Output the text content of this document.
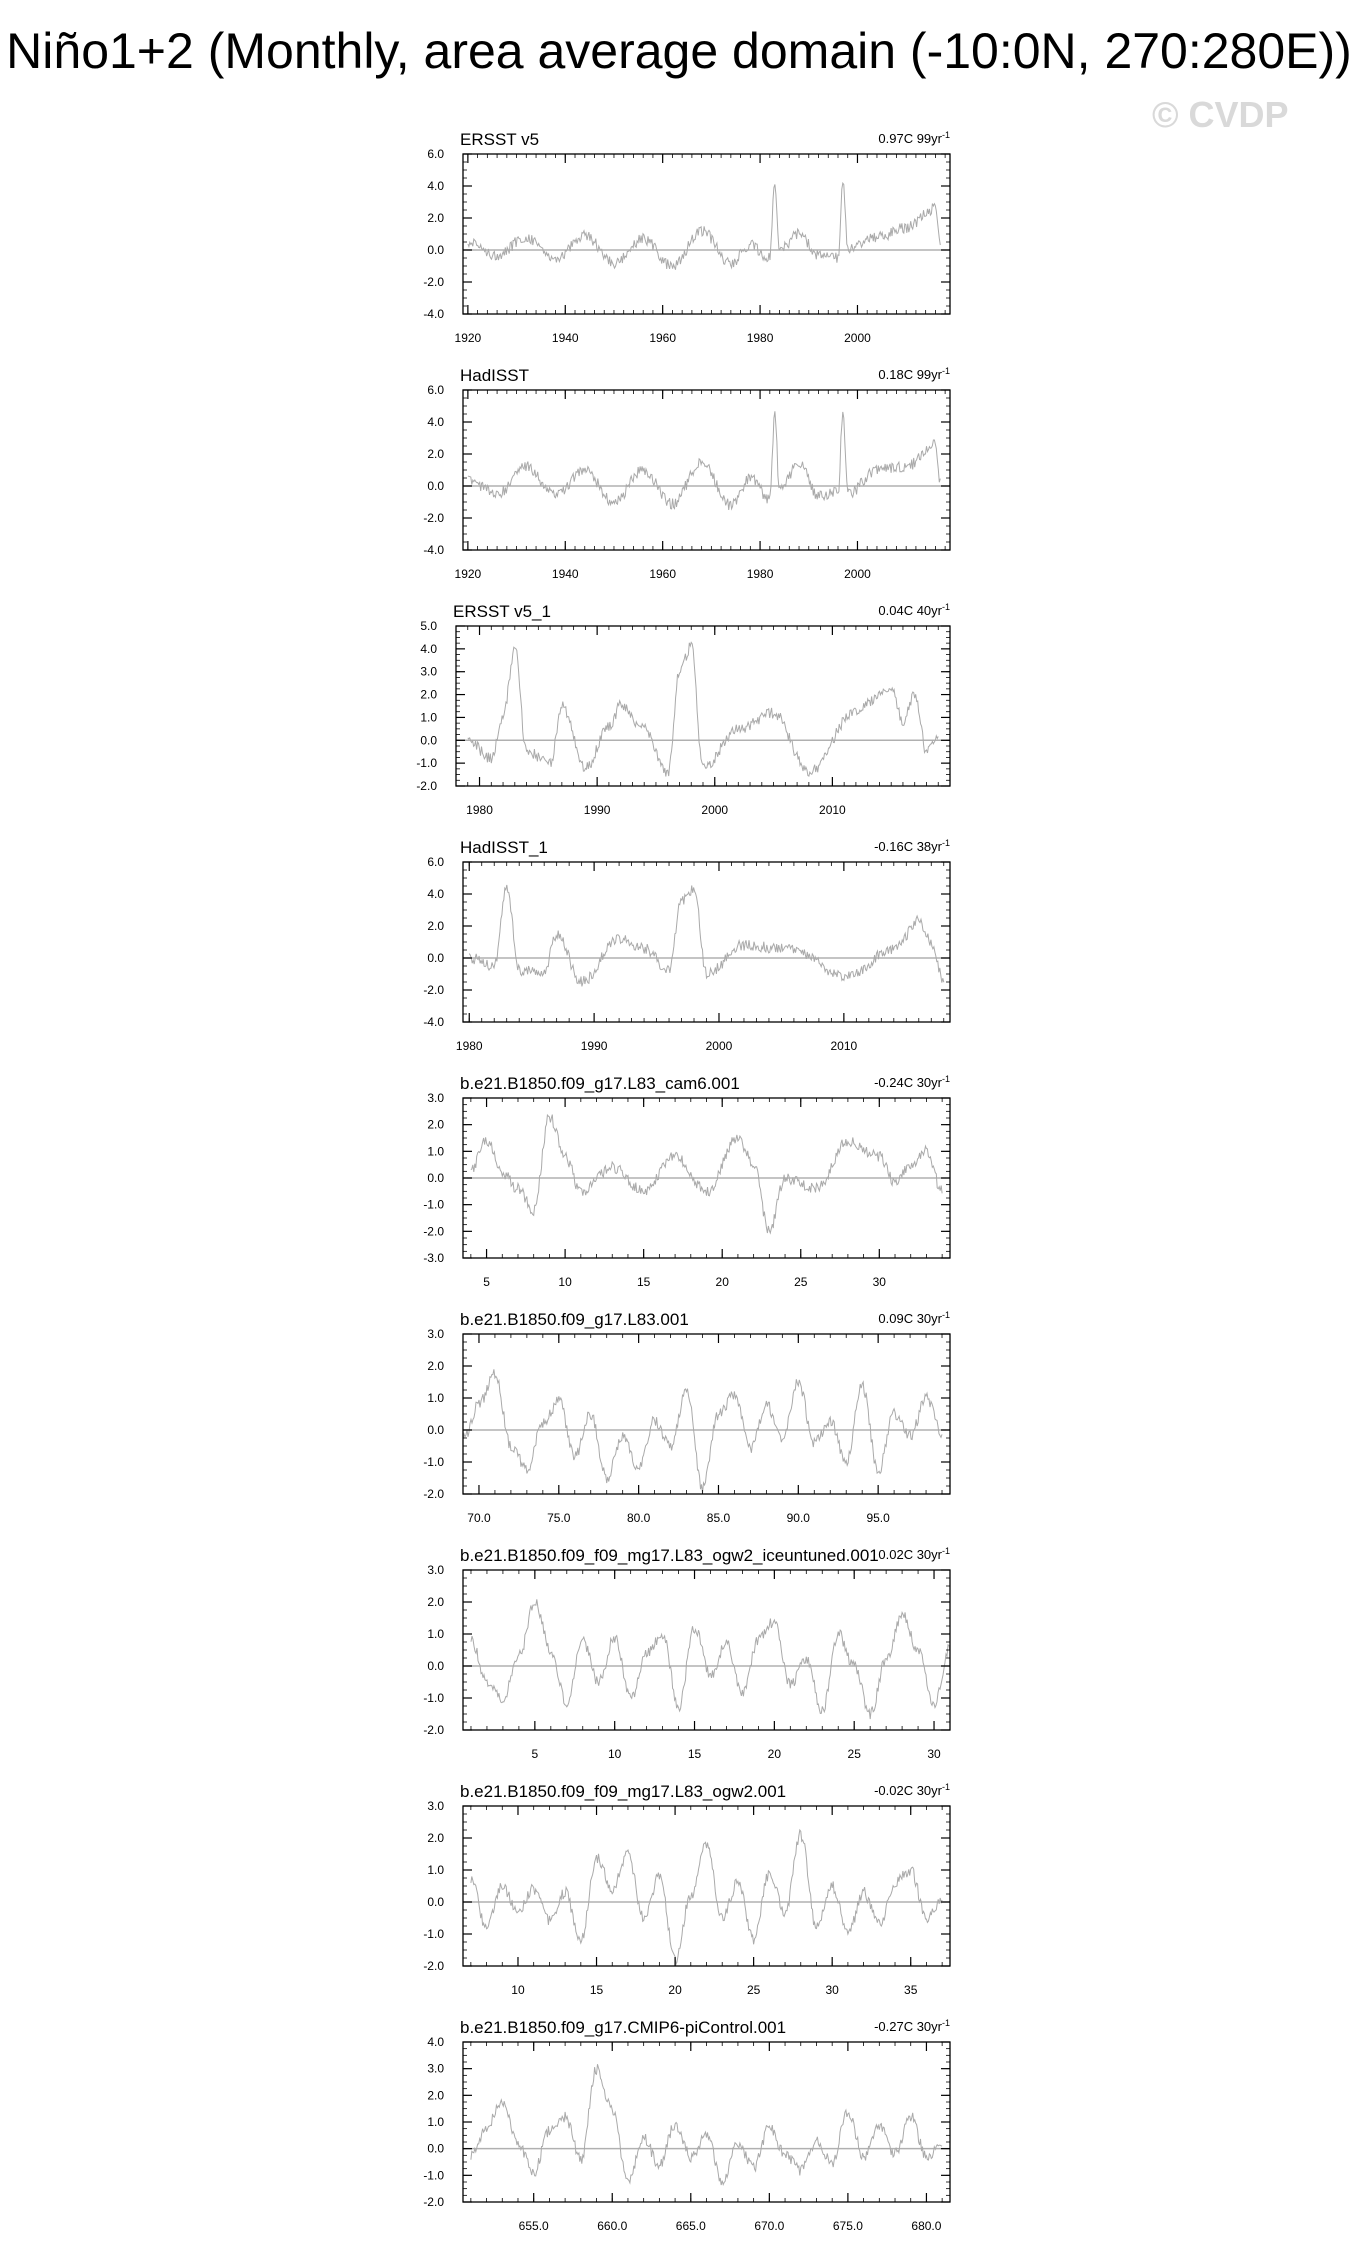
Niño1+2 (Monthly, area average domain (-10:0N, 270:280E))
© CVDP
ERSST v5	0.97C $99yr^{-1}$
-4.0
-2.0
0.0
2.0
4.0
6.0
1920	1940	1960	1980	2000
HadISST	0.18C $99yr^{-1}$
-4.0
-2.0
0.0
2.0
4.0
6.0
1920	1940	1960	1980	2000
ERSST v5_1	0.04C $40yr^{-1}$
-2.0
-1.0
0.0
1.0
2.0
3.0
4.0
5.0
1980	1990	2000	2010
HadISST_1	-0.16C $38yr^{-1}$
-4.0
-2.0
0.0
2.0
4.0
6.0
1980	1990	2000	2010
b.e21.B1850.f09_g17.L83_cam6.001	-0.24C $30yr^{-1}$
-3.0
-2.0
-1.0
0.0
1.0
2.0
3.0
5	10	15	20	25	30
b.e21.B1850.f09_g17.L83.001	0.09C $30yr^{-1}$
-2.0
-1.0
0.0
1.0
2.0
3.0
70.0	75.0	80.0	85.0	90.0	95.0
b.e21.B1850.f09_f09_mg17.L83_ogw2_iceuntuned.001 0.02C $30yr^{-1}$
-2.0
-1.0
0.0
1.0
2.0
3.0
5	10	15	20	25	30
b.e21.B1850.f09_f09_mg17.L83_ogw2.001	-0.02C $30yr^{-1}$
-2.0
-1.0
0.0
1.0
2.0
3.0
10	15	20	25	30	35
b.e21.B1850.f09_g17.CMIP6-piControl.001	-0.27C $30yr^{-1}$
-2.0
-1.0
0.0
1.0
2.0
3.0
4.0
655.0	660.0	665.0	670.0	675.0	680.0
